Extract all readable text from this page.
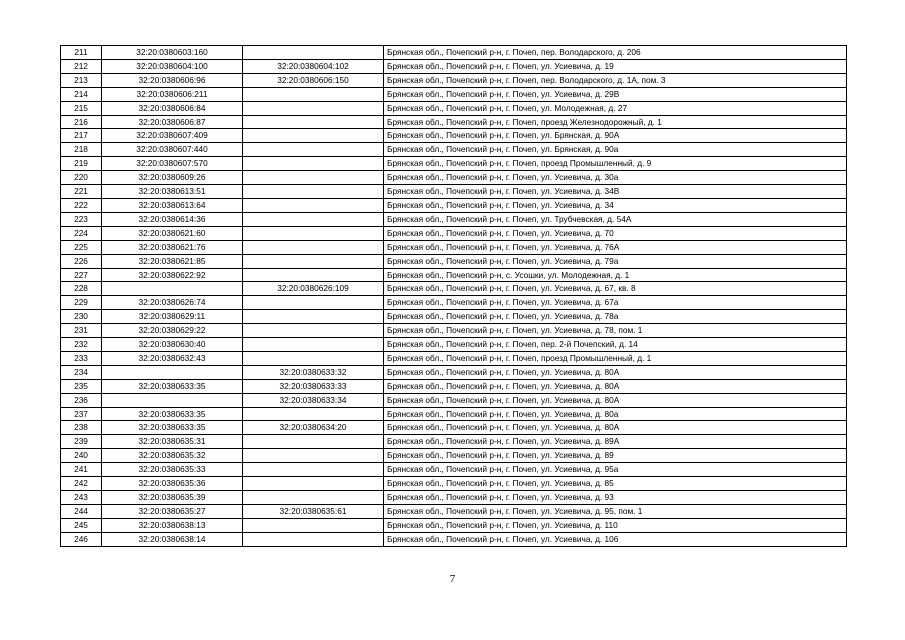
211	32:20:0380603:160		Брянская обл., Почепский р-н, г. Почеп, пер. Володарского, д. 206
212	32:20:0380604:100	32:20:0380604:102	Брянская обл., Почепский р-н, г. Почеп, ул. Усиевича, д. 19
213	32:20:0380606:96	32:20:0380606:150	Брянская обл., Почепский р-н, г. Почеп, пер. Володарского, д. 1А, пом. 3
214	32:20:0380606:211		Брянская обл., Почепский р-н, г. Почеп, ул. Усиевича, д. 29В
215	32:20:0380606:84		Брянская обл., Почепский р-н, г. Почеп, ул. Молодежная, д. 27
216	32:20:0380606:87		Брянская обл., Почепский р-н, г. Почеп, проезд Железнодорожный, д. 1
217	32:20:0380607:409		Брянская обл., Почепский р-н, г. Почеп, ул. Брянская, д. 90А
218	32:20:0380607:440		Брянская обл., Почепский р-н, г. Почеп, ул. Брянская, д. 90а
219	32:20:0380607:570		Брянская обл., Почепский р-н, г. Почеп, проезд Промышленный, д. 9
220	32:20:0380609:26		Брянская обл., Почепский р-н, г. Почеп, ул. Усиевича, д. 30а
221	32:20:0380613:51		Брянская обл., Почепский р-н, г. Почеп, ул. Усиевича, д. 34В
222	32:20:0380613:64		Брянская обл., Почепский р-н, г. Почеп, ул. Усиевича, д. 34
223	32:20:0380614:36		Брянская обл., Почепский р-н, г. Почеп, ул. Трубчевская, д. 54А
224	32:20:0380621:60		Брянская обл., Почепский р-н, г. Почеп, ул. Усиевича, д. 70
225	32:20:0380621:76		Брянская обл., Почепский р-н, г. Почеп, ул. Усиевича, д. 76А
226	32:20:0380621:85		Брянская обл., Почепский р-н, г. Почеп, ул. Усиевича, д. 79а
227	32:20:0380622:92		Брянская обл., Почепский р-н, с. Усошки, ул. Молодежная, д. 1
228		32:20:0380626:109	Брянская обл., Почепский р-н, г. Почеп, ул. Усиевича, д. 67, кв. 8
229	32:20:0380626:74		Брянская обл., Почепский р-н, г. Почеп, ул. Усиевича, д. 67а
230	32:20:0380629:11		Брянская обл., Почепский р-н, г. Почеп, ул. Усиевича, д. 78а
231	32:20:0380629:22		Брянская обл., Почепский р-н, г. Почеп, ул. Усиевича, д. 78, пом. 1
232	32:20:0380630:40		Брянская обл., Почепский р-н, г. Почеп, пер. 2-й Почепский, д. 14
233	32:20:0380632:43		Брянская обл., Почепский р-н, г. Почеп, проезд Промышленный, д. 1
234		32:20:0380633:32	Брянская обл., Почепский р-н, г. Почеп, ул. Усиевича, д. 80А
235	32:20:0380633:35	32:20:0380633:33	Брянская обл., Почепский р-н, г. Почеп, ул. Усиевича, д. 80А
236		32:20:0380633:34	Брянская обл., Почепский р-н, г. Почеп, ул. Усиевича, д. 80А
237	32:20:0380633:35		Брянская обл., Почепский р-н, г. Почеп, ул. Усиевича, д. 80а
238	32:20:0380633:35	32:20:0380634:20	Брянская обл., Почепский р-н, г. Почеп, ул. Усиевича, д. 80А
239	32:20:0380635:31		Брянская обл., Почепский р-н, г. Почеп, ул. Усиевича, д. 89А
240	32:20:0380635:32		Брянская обл., Почепский р-н, г. Почеп, ул. Усиевича, д. 89
241	32:20:0380635:33		Брянская обл., Почепский р-н, г. Почеп, ул. Усиевича, д. 95а
242	32:20:0380635:36		Брянская обл., Почепский р-н, г. Почеп, ул. Усиевича, д. 85
243	32:20:0380635:39		Брянская обл., Почепский р-н, г. Почеп, ул. Усиевича, д. 93
244	32:20:0380635:27	32:20:0380635:61	Брянская обл., Почепский р-н, г. Почеп, ул. Усиевича, д. 95, пом. 1
245	32:20:0380638:13		Брянская обл., Почепский р-н, г. Почеп, ул. Усиевича, д. 110
246	32:20:0380638:14		Брянская обл., Почепский р-н, г. Почеп, ул. Усиевича, д. 106
7
